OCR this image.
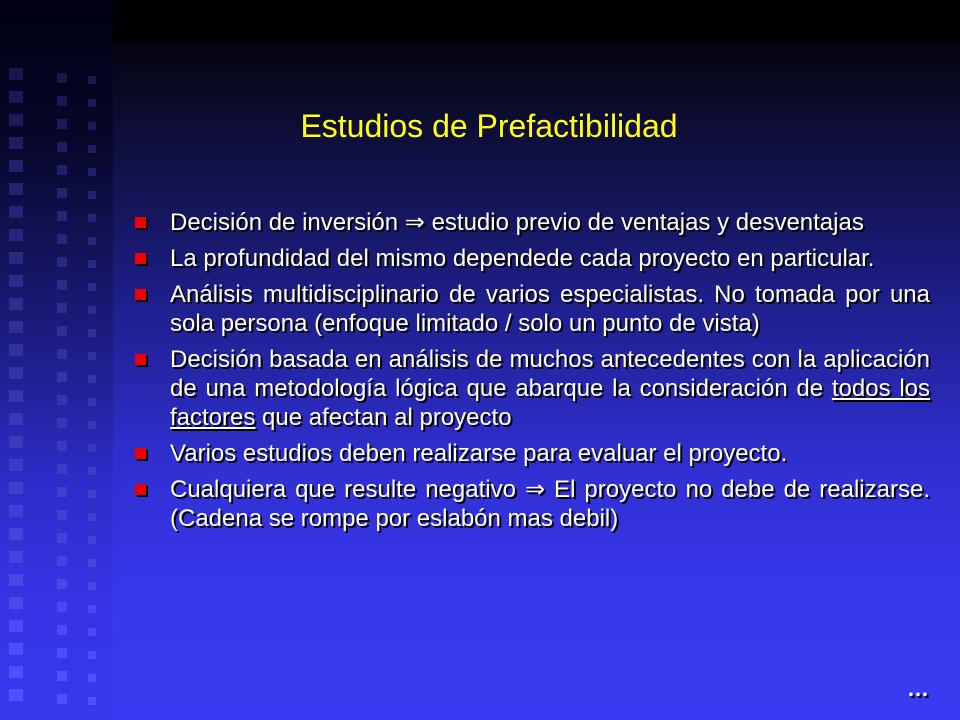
Estudios de Prefactibilidad
Decisión de inversión ⇒ estudio previo de ventajas y desventajas
La profundidad del mismo dependede cada proyecto en particular.
Análisis multidisciplinario de varios especialistas. No tomada por una sola persona (enfoque limitado / solo un punto de vista)
Decisión basada en análisis de muchos antecedentes con la aplicación de una metodología lógica que abarque la consideración de todos los factores que afectan al proyecto
Varios estudios deben realizarse para evaluar el proyecto.
Cualquiera que resulte negativo ⇒ El proyecto no debe de realizarse. (Cadena se rompe por eslabón mas debil)
…
